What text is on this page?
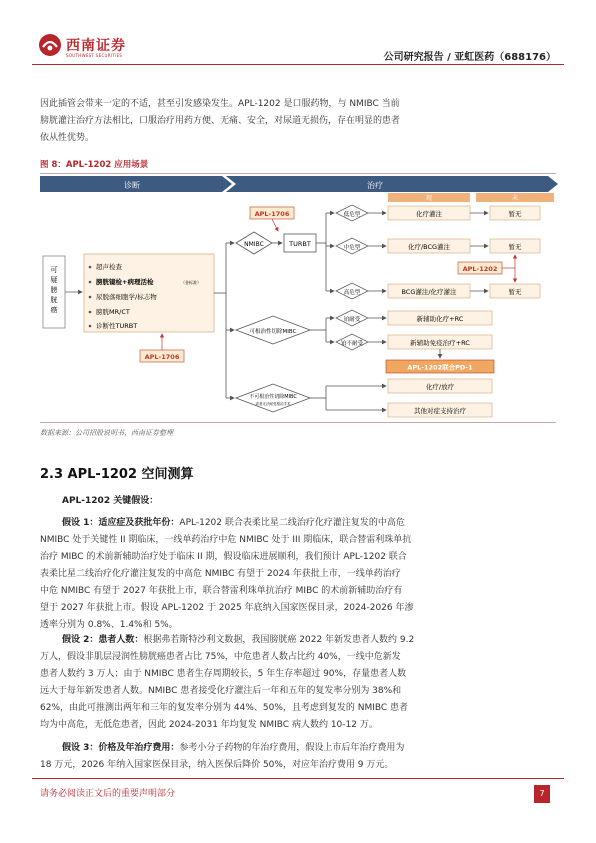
西南证券
SOUTHWEST SECURITIES	公司研究报告 / 亚虹医药（688176）
因此插管会带来一定的不适，甚至引发感染发生。APL-1202 是口服药物，与 NMIBC 当前
膀胱灌注治疗方法相比，口服治疗用药方便、无痛、安全，对尿道无损伤，存在明显的患者
依从性优势。
图 8：APL-1202 应用场景
诊断	治疗
现	未
可
疑
膀
胱
癌
超声检查
膀胱镜检+病理活检	（金标准）
尿脱落细胞学/标志物
膀胱MR/CT
诊断性TURBT
APL-1706
APL-1706
NMIBC	TURBT
低危型
中危型
高危型
化疗灌注
化疗/BCG灌注
BCG灌注/化疗灌注
暂无
暂无
暂无
APL-1202
可根治性切除MIBC
铂耐受
铂不耐受
新辅助化疗+RC
新辅助免疫治疗+RC
APL-1202联合PD-1
不可根治性切除MIBC
或者无法耐受根治手术
化疗/放疗
其他对症支持治疗
数据来源：公司招股说明书，西南证券整理
2.3 APL-1202 空间测算
APL-1202 关键假设：
假设 1：适应症及获批年份：APL-1202 联合表柔比星二线治疗化疗灌注复发的中高危
NMIBC 处于关键性 II 期临床，一线单药治疗中危 NMIBC 处于 III 期临床，联合替雷利珠单抗
治疗 MIBC 的术前新辅助治疗处于临床 II 期，假设临床进展顺利，我们预计 APL-1202 联合
表柔比星二线治疗化疗灌注复发的中高危 NMIBC 有望于 2024 年获批上市，一线单药治疗
中危 NMIBC 有望于 2027 年获批上市，联合替雷利珠单抗治疗 MIBC 的术前新辅助治疗有
望于 2027 年获批上市。假设 APL-1202 于 2025 年底纳入国家医保目录，2024-2026 年渗
透率分别为 0.8%、1.4%和 5%。
假设 2：患者人数：根据弗若斯特沙利文数据，我国膀胱癌 2022 年新发患者人数约 9.2
万人，假设非肌层浸润性膀胱癌患者占比 75%，中危患者人数占比约 40%，一线中危新发
患者人数约 3 万人；由于 NMIBC 患者生存周期较长，5 年生存率超过 90%，存量患者人数
远大于每年新发患者人数。NMIBC 患者接受化疗灌注后一年和五年的复发率分别为 38%和
62%，由此可推测出两年和三年的复发率分别为 44%、50%，且考虑到复发的 NMIBC 患者
均为中高危，无低危患者，因此 2024-2031 年均复发 NMIBC 病人数约 10-12 万。
假设 3：价格及年治疗费用：参考小分子药物的年治疗费用，假设上市后年治疗费用为
18 万元，2026 年纳入国家医保目录，纳入医保后降价 50%，对应年治疗费用 9 万元。
请务必阅读正文后的重要声明部分	7
